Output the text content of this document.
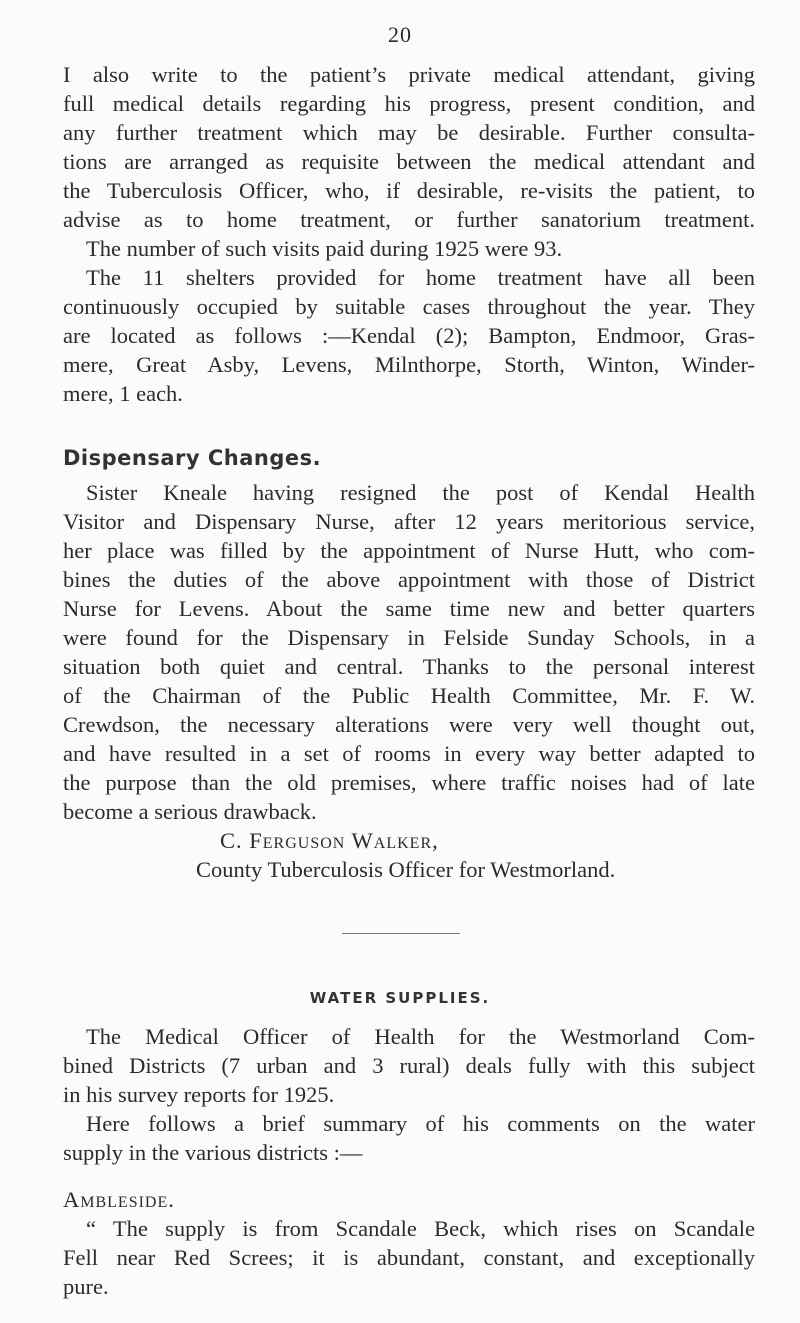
20
I also write to the patient’s private medical attendant, giving
full medical details regarding his progress, present condition, and
any further treatment which may be desirable. Further consulta-
tions are arranged as requisite between the medical attendant and
the Tuberculosis Officer, who, if desirable, re-visits the patient, to
advise as to home treatment, or further sanatorium treatment.
The number of such visits paid during 1925 were 93.
The 11 shelters provided for home treatment have all been
continuously occupied by suitable cases throughout the year. They
are located as follows :—Kendal (2); Bampton, Endmoor, Gras-
mere, Great Asby, Levens, Milnthorpe, Storth, Winton, Winder-
mere, 1 each.
Dispensary Changes.
Sister Kneale having resigned the post of Kendal Health
Visitor and Dispensary Nurse, after 12 years meritorious service,
her place was filled by the appointment of Nurse Hutt, who com-
bines the duties of the above appointment with those of District
Nurse for Levens. About the same time new and better quarters
were found for the Dispensary in Felside Sunday Schools, in a
situation both quiet and central. Thanks to the personal interest
of the Chairman of the Public Health Committee, Mr. F. W.
Crewdson, the necessary alterations were very well thought out,
and have resulted in a set of rooms in every way better adapted to
the purpose than the old premises, where traffic noises had of late
become a serious drawback.
C. Ferguson Walker,
County Tuberculosis Officer for Westmorland.
WATER SUPPLIES.
The Medical Officer of Health for the Westmorland Com-
bined Districts (7 urban and 3 rural) deals fully with this subject
in his survey reports for 1925.
Here follows a brief summary of his comments on the water
supply in the various districts :—
Ambleside.
“ The supply is from Scandale Beck, which rises on Scandale
Fell near Red Screes; it is abundant, constant, and exceptionally
pure.
